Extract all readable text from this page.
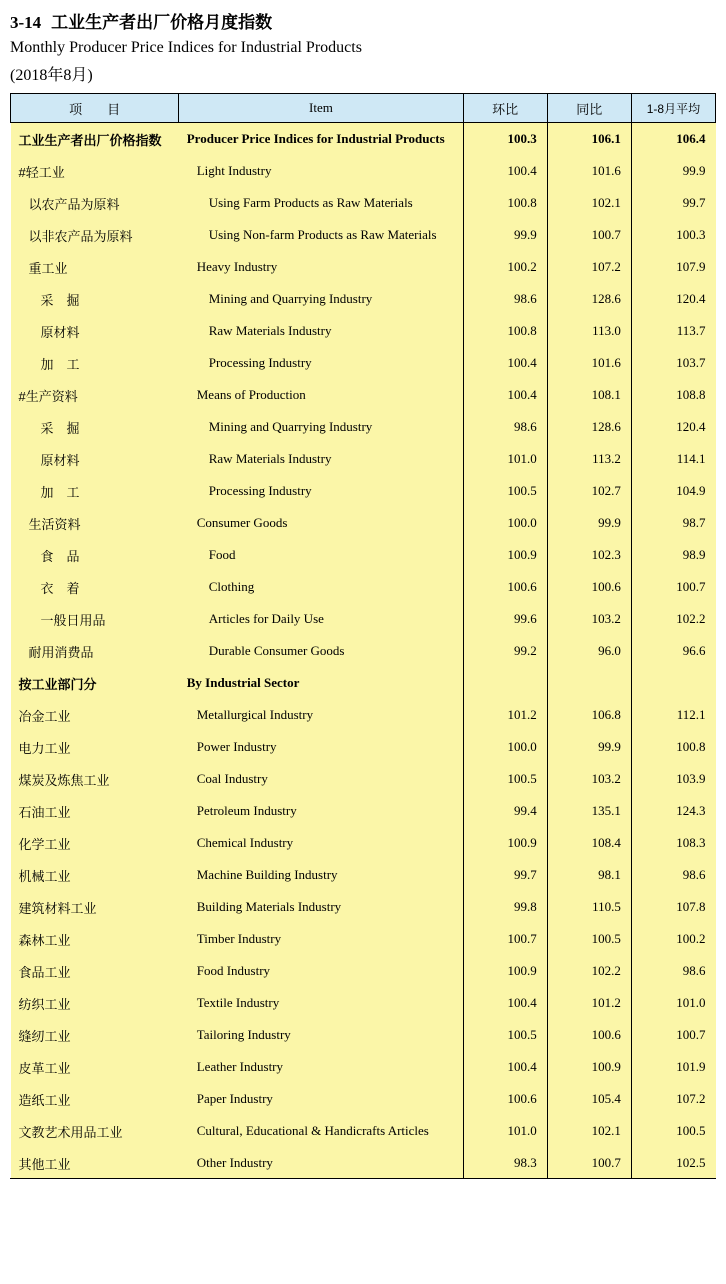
3-14 工业生产者出厂价格月度指数
Monthly Producer Price Indices for Industrial Products
(2018年8月)
项　目	Item	环比	同比	1-8月平均
工业生产者出厂价格指数	Producer Price Indices for Industrial Products	100.3	106.1	106.4
#轻工业	Light Industry	100.4	101.6	99.9
以农产品为原料	Using Farm Products as Raw Materials	100.8	102.1	99.7
以非农产品为原料	Using Non-farm Products as Raw Materials	99.9	100.7	100.3
重工业	Heavy Industry	100.2	107.2	107.9
采　掘	Mining and Quarrying Industry	98.6	128.6	120.4
原材料	Raw Materials Industry	100.8	113.0	113.7
加　工	Processing Industry	100.4	101.6	103.7
#生产资料	Means of Production	100.4	108.1	108.8
采　掘	Mining and Quarrying Industry	98.6	128.6	120.4
原材料	Raw Materials Industry	101.0	113.2	114.1
加　工	Processing Industry	100.5	102.7	104.9
生活资料	Consumer Goods	100.0	99.9	98.7
食　品	Food	100.9	102.3	98.9
衣　着	Clothing	100.6	100.6	100.7
一般日用品	Articles for Daily Use	99.6	103.2	102.2
耐用消费品	Durable Consumer Goods	99.2	96.0	96.6
按工业部门分	By Industrial Sector			
冶金工业	Metallurgical Industry	101.2	106.8	112.1
电力工业	Power Industry	100.0	99.9	100.8
煤炭及炼焦工业	Coal Industry	100.5	103.2	103.9
石油工业	Petroleum Industry	99.4	135.1	124.3
化学工业	Chemical Industry	100.9	108.4	108.3
机械工业	Machine Building Industry	99.7	98.1	98.6
建筑材料工业	Building Materials Industry	99.8	110.5	107.8
森林工业	Timber Industry	100.7	100.5	100.2
食品工业	Food Industry	100.9	102.2	98.6
纺织工业	Textile Industry	100.4	101.2	101.0
缝纫工业	Tailoring Industry	100.5	100.6	100.7
皮革工业	Leather Industry	100.4	100.9	101.9
造纸工业	Paper Industry	100.6	105.4	107.2
文教艺术用品工业	Cultural, Educational & Handicrafts Articles	101.0	102.1	100.5
其他工业	Other Industry	98.3	100.7	102.5
